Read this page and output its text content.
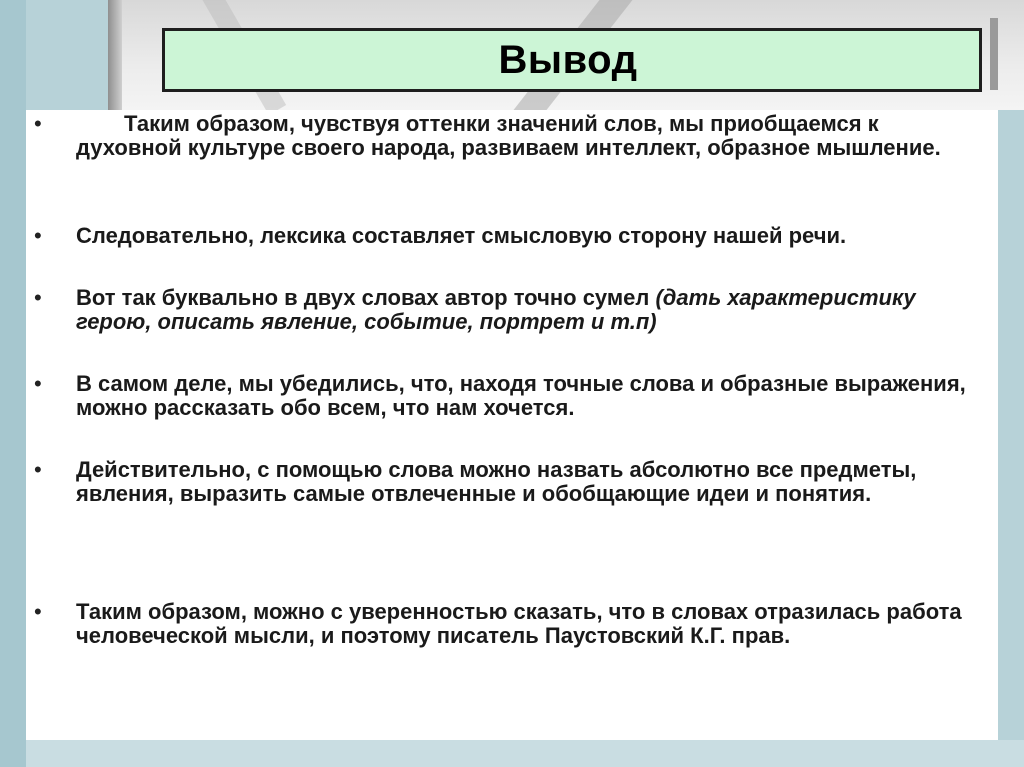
Вывод
•	Таким образом, чувствуя оттенки значений слов, мы приобщаемся к духовной культуре своего народа, развиваем интеллект, образное мышление.
•	Следовательно, лексика составляет смысловую сторону нашей речи.
•	Вот так буквально в двух словах автор точно сумел (дать характеристику герою, описать явление, событие, портрет и т.п)
•	В самом деле, мы убедились, что, находя точные слова и образные выражения, можно рассказать обо всем, что нам хочется.
•	Действительно, с помощью слова можно назвать абсолютно все предметы, явления, выразить самые отвлеченные и обобщающие идеи и понятия.
•	Таким образом, можно с уверенностью сказать, что в словах отразилась работа человеческой мысли, и поэтому писатель Паустовский К.Г. прав.
